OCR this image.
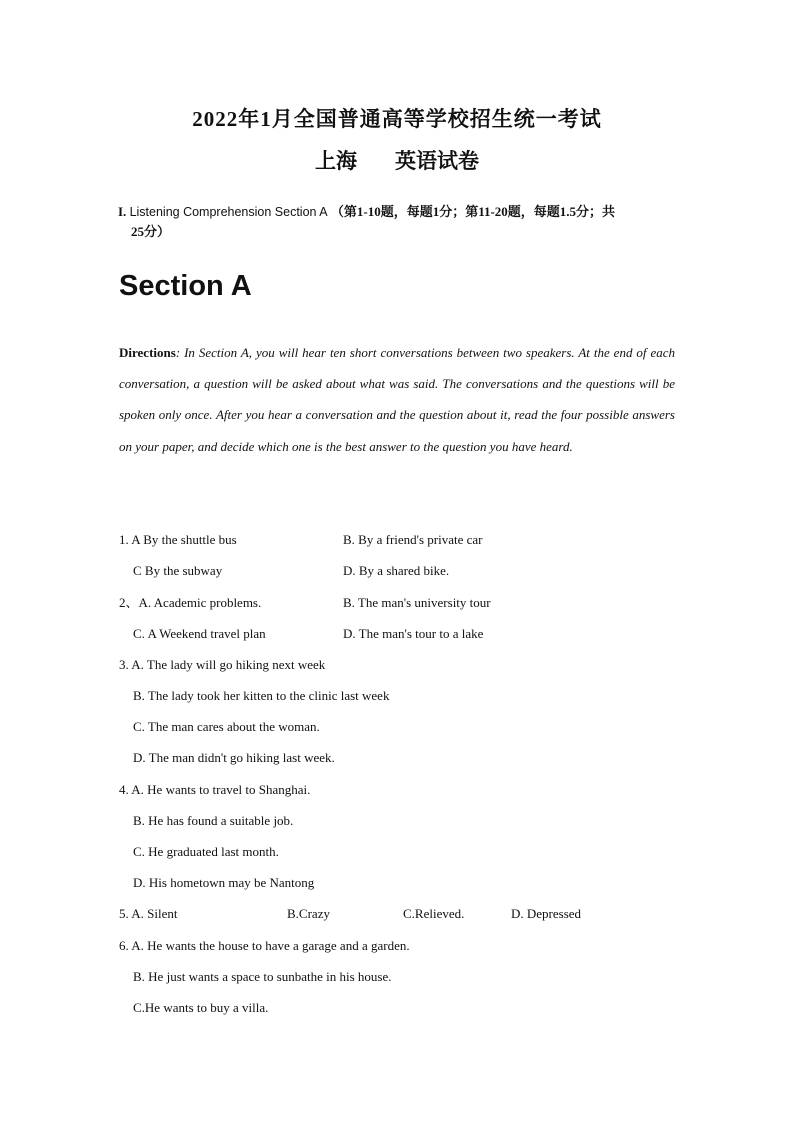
2022年1月全国普通高等学校招生统一考试
上海 英语试卷
I. Listening Comprehension Section A （第1-10题，每题1分；第11-20题，每题1.5分；共
25分）
Section A
Directions: In Section A, you will hear ten short conversations between two speakers. At the end of each conversation, a question will be asked about what was said. The conversations and the questions will be spoken only once. After you hear a conversation and the question about it, read the four possible answers on your paper, and decide which one is the best answer to the question you have heard.
1. A By the shuttle bus	B. By a friend's private car
C By the subway	D. By a shared bike.
2、A. Academic problems.	B. The man's university tour
C. A Weekend travel plan	D. The man's tour to a lake
3. A. The lady will go hiking next week
B. The lady took her kitten to the clinic last week
C. The man cares about the woman.
D. The man didn't go hiking last week.
4. A. He wants to travel to Shanghai.
B. He has found a suitable job.
C. He graduated last month.
D. His hometown may be Nantong
5. A. Silent	B.Crazy	C.Relieved.	D. Depressed
6. A. He wants the house to have a garage and a garden.
B. He just wants a space to sunbathe in his house.
C.He wants to buy a villa.
